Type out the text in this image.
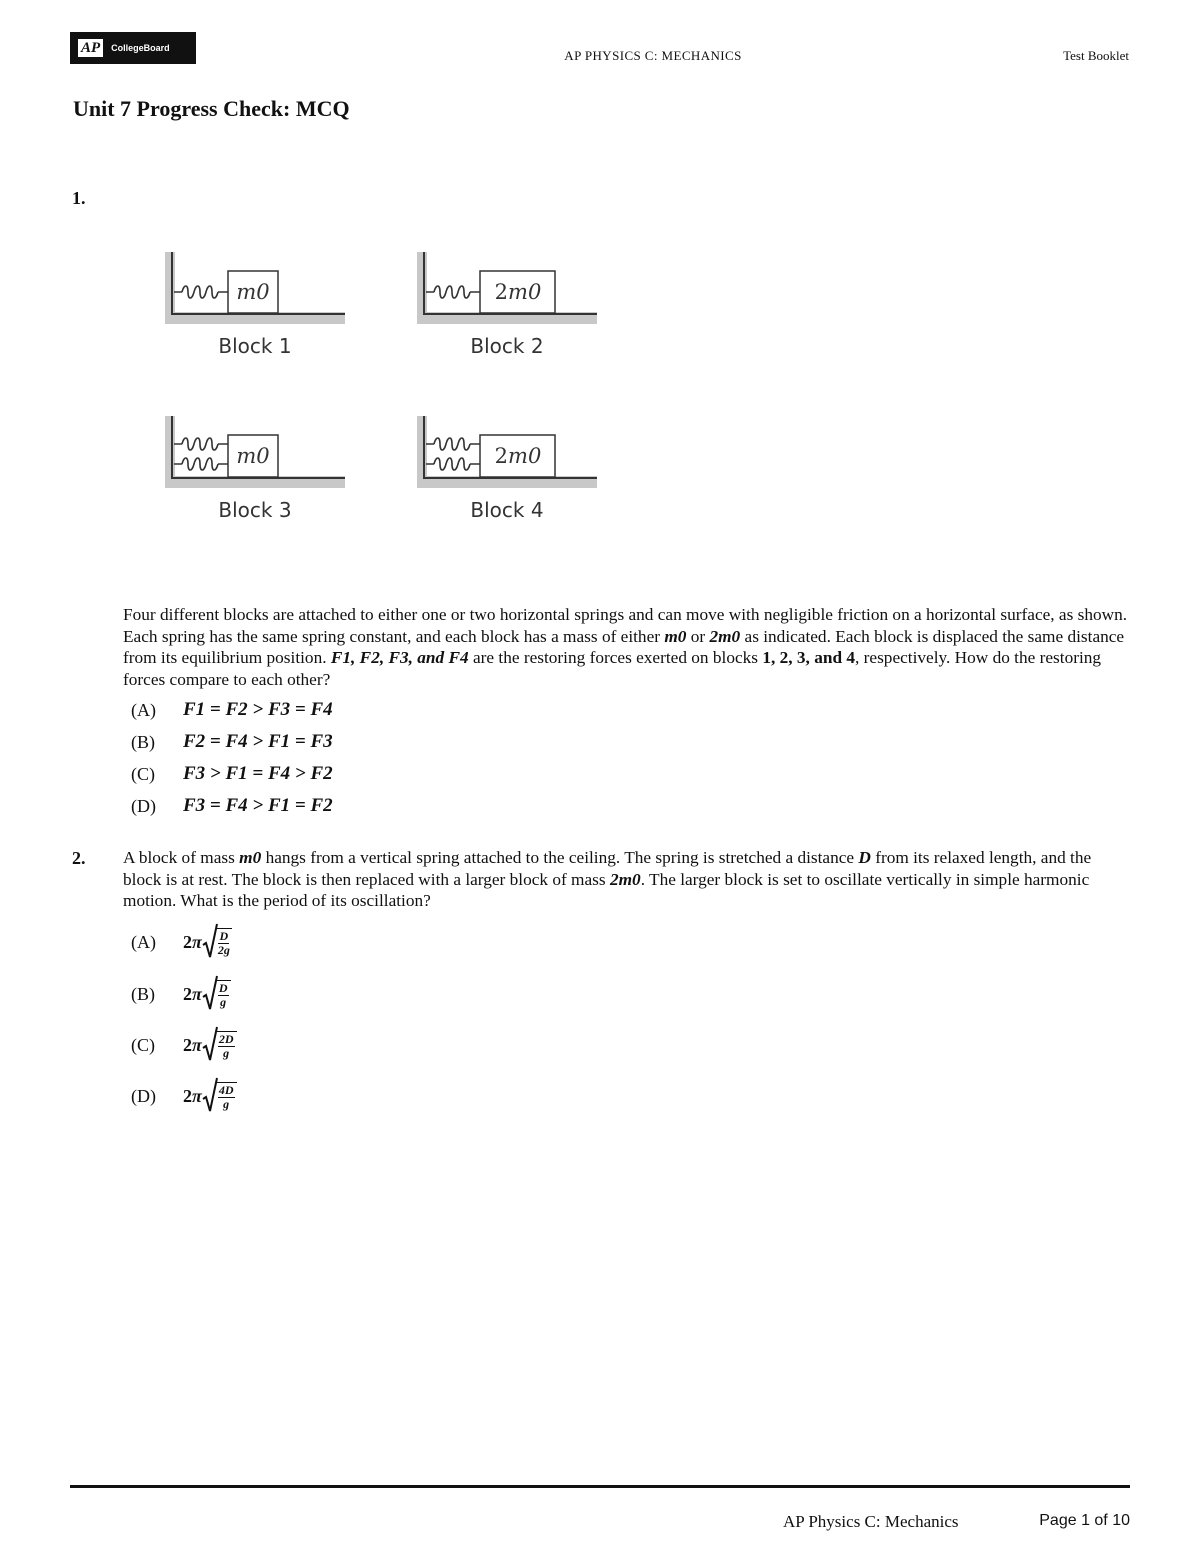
AP	CollegeBoard	AP PHYSICS C: MECHANICS	Test Booklet
Unit 7 Progress Check: MCQ
1.
m0	2m0
m0	2m0
Block 1	Block 2
Block 3	Block 4
Four different blocks are attached to either one or two horizontal springs and can move with negligible friction on a horizontal surface, as shown. Each spring has the same spring constant, and each block has a mass of either m0 or 2m0 as indicated. Each block is displaced the same distance from its equilibrium position. F1, F2, F3, and F4 are the restoring forces exerted on blocks 1, 2, 3, and 4, respectively. How do the restoring forces compare to each other?
(A)	F1 = F2 > F3 = F4
(B)	F2 = F4 > F1 = F3
(C)	F3 > F1 = F4 > F2
(D)	F3 = F4 > F1 = F2
2. A block of mass m0 hangs from a vertical spring attached to the ceiling. The spring is stretched a distance D from its relaxed length, and the block is at rest. The block is then replaced with a larger block of mass 2m0. The larger block is set to oscillate vertically in simple harmonic motion. What is the period of its oscillation?
(A)	2 π $\frac{D}{2g}$
(B)	2 π $\frac{D}{g}$
(C)	2 π $\frac{2D}{g}$
(D)	2 π $\frac{4D}{g}$
AP Physics C: Mechanics	Page 1 of 10
